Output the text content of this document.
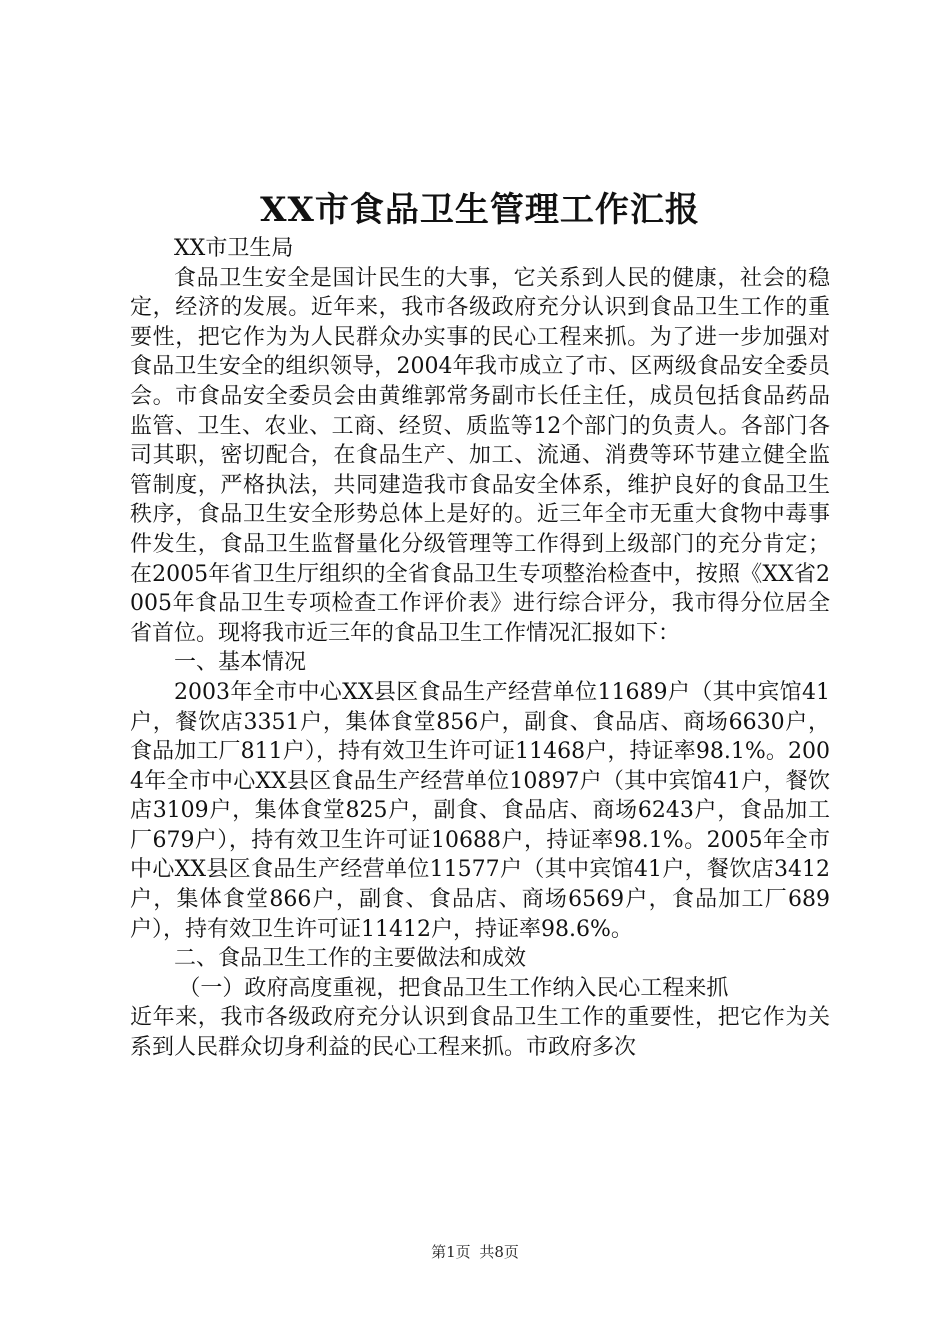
XX市食品卫生管理工作汇报

XX市卫生局

食品卫生安全是国计民生的大事，它关系到人民的健康，社会的稳定，经济的发展。近年来，我市各级政府充分认识到食品卫生工作的重要性，把它作为为人民群众办实事的民心工程来抓。为了进一步加强对食品卫生安全的组织领导，2004年我市成立了市、区两级食品安全委员会。市食品安全委员会由黄维郭常务副市长任主任，成员包括食品药品监管、卫生、农业、工商、经贸、质监等12个部门的负责人。各部门各司其职，密切配合，在食品生产、加工、流通、消费等环节建立健全监管制度，严格执法，共同建造我市食品安全体系，维护良好的食品卫生秩序，食品卫生安全形势总体上是好的。近三年全市无重大食物中毒事件发生，食品卫生监督量化分级管理等工作得到上级部门的充分肯定；在2005年省卫生厅组织的全省食品卫生专项整治检查中，按照《XX省2005年食品卫生专项检查工作评价表》进行综合评分，我市得分位居全省首位。现将我市近三年的食品卫生工作情况汇报如下：

一、基本情况

2003年全市中心XX县区食品生产经营单位11689户（其中宾馆41户，餐饮店3351户，集体食堂856户，副食、食品店、商场6630户，食品加工厂811户），持有效卫生许可证11468户，持证率98.1%。2004年全市中心XX县区食品生产经营单位10897户（其中宾馆41户，餐饮店3109户，集体食堂825户，副食、食品店、商场6243户，食品加工厂679户），持有效卫生许可证10688户，持证率98.1%。2005年全市中心XX县区食品生产经营单位11577户（其中宾馆41户，餐饮店3412户，集体食堂866户，副食、食品店、商场6569户，食品加工厂689户），持有效卫生许可证11412户，持证率98.6%。

二、食品卫生工作的主要做法和成效

（一）政府高度重视，把食品卫生工作纳入民心工程来抓

近年来，我市各级政府充分认识到食品卫生工作的重要性，把它作为关系到人民群众切身利益的民心工程来抓。市政府多次

第1页 共8页
